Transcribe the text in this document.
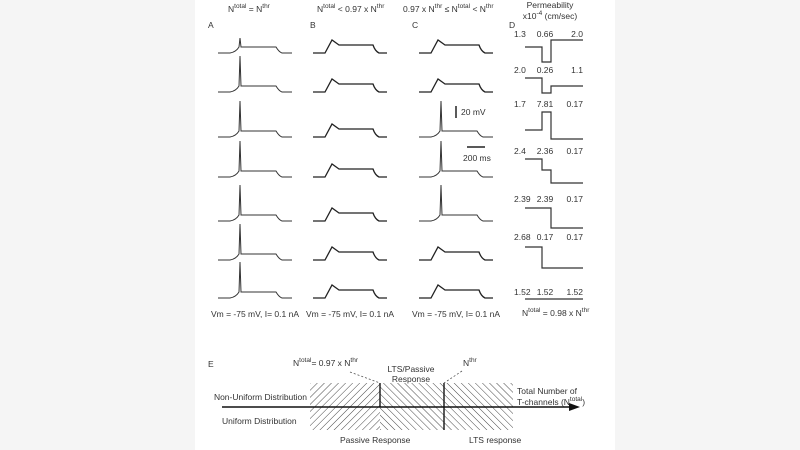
$N^{total} = N^{thr}$	$N^{total} < 0.97$ x $N^{thr}$ 0.97 x $N^{thr} \le N^{total} < N^{thr}$	Permeability
$x10^{-4}$ (cm/sec)
A	B	C	D
20 mV
200 ms
Vm = -75 mV, I= 0.1 nA Vm = -75 mV, I= 0.1 nA Vm = -75 mV, I= 0.1 nA
1.3 0.66 2.0
2.0 0.26 1.1
1.7 7.81 0.17
2.4 2.36 0.17
2.39 2.39 0.17
2.68 0.17 0.17
1.52 1.52 1.52
$N^{total} = 0.98$ x $N^{thr}$
E	$N^{total}= 0.97$ x $N^{thr}$
LTS/Passive
Response
$N^{thr}$
Non-Uniform Distribution
Uniform Distribution
Total Number of
T-channels $(N^{total})$
Passive Response	LTS response
